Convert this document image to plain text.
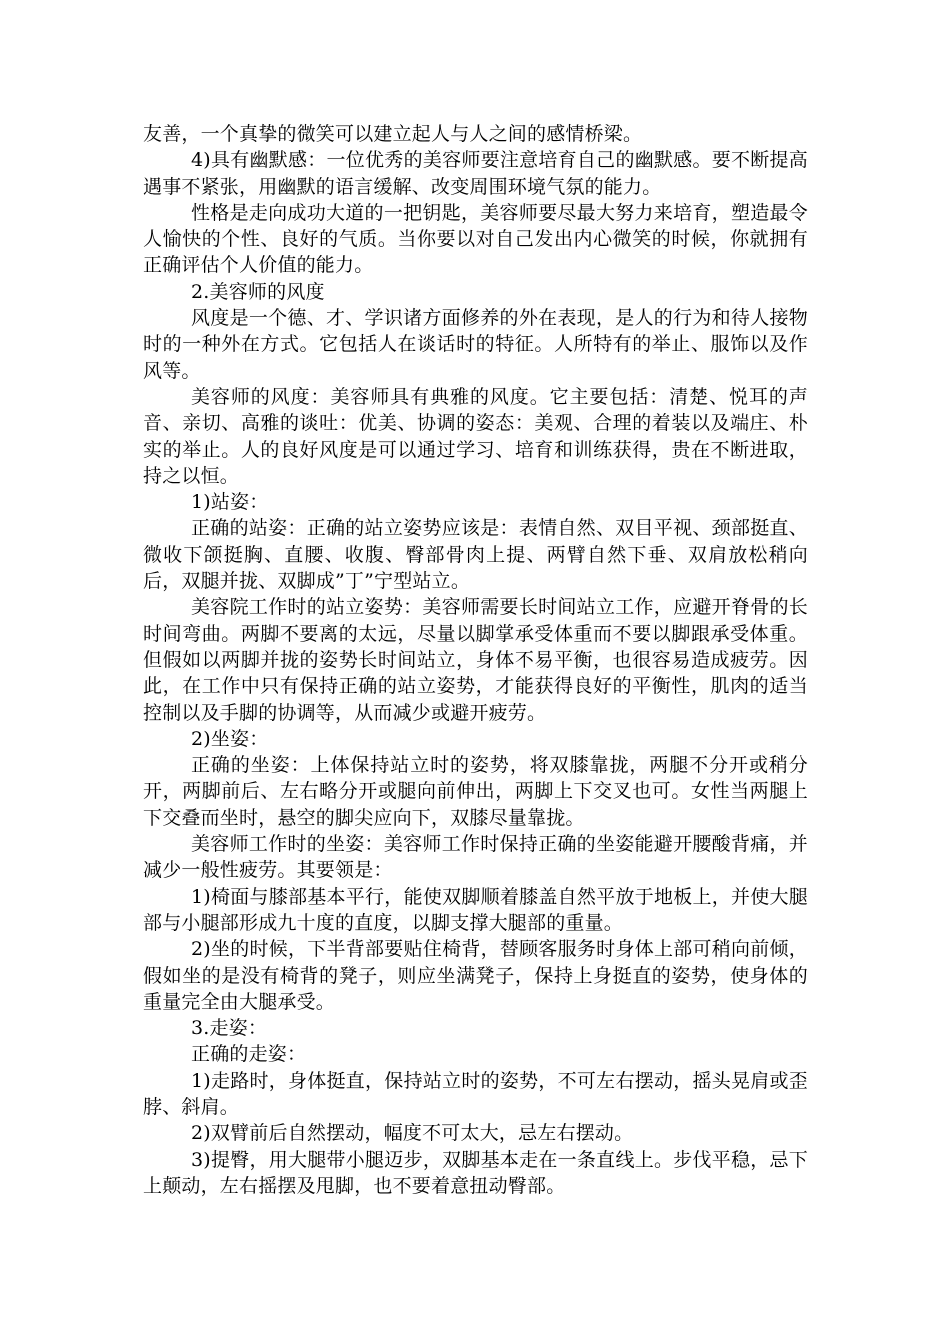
友善，一个真挚的微笑可以建立起人与人之间的感情桥梁。

4)具有幽默感：一位优秀的美容师要注意培育自己的幽默感。要不断提高遇事不紧张，用幽默的语言缓解、改变周围环境气氛的能力。

性格是走向成功大道的一把钥匙，美容师要尽最大努力来培育，塑造最令人愉快的个性、良好的气质。当你要以对自己发出内心微笑的时候，你就拥有正确评估个人价值的能力。

2.美容师的风度

风度是一个德、才、学识诸方面修养的外在表现，是人的行为和待人接物时的一种外在方式。它包括人在谈话时的特征。人所特有的举止、服饰以及作风等。

美容师的风度：美容师具有典雅的风度。它主要包括：清楚、悦耳的声音、亲切、高雅的谈吐：优美、协调的姿态：美观、合理的着装以及端庄、朴实的举止。人的良好风度是可以通过学习、培育和训练获得，贵在不断进取，持之以恒。

1)站姿：

正确的站姿：正确的站立姿势应该是：表情自然、双目平视、颈部挺直、微收下颌挺胸、直腰、收腹、臀部骨肉上提、两臂自然下垂、双肩放松稍向后，双腿并拢、双脚成”丁”宁型站立。

美容院工作时的站立姿势：美容师需要长时间站立工作，应避开脊骨的长时间弯曲。两脚不要离的太远，尽量以脚掌承受体重而不要以脚跟承受体重。但假如以两脚并拢的姿势长时间站立，身体不易平衡，也很容易造成疲劳。因此，在工作中只有保持正确的站立姿势，才能获得良好的平衡性，肌肉的适当控制以及手脚的协调等，从而减少或避开疲劳。

2)坐姿：

正确的坐姿：上体保持站立时的姿势，将双膝靠拢，两腿不分开或稍分开，两脚前后、左右略分开或腿向前伸出，两脚上下交叉也可。女性当两腿上下交叠而坐时，悬空的脚尖应向下，双膝尽量靠拢。

美容师工作时的坐姿：美容师工作时保持正确的坐姿能避开腰酸背痛，并减少一般性疲劳。其要领是：

1)椅面与膝部基本平行，能使双脚顺着膝盖自然平放于地板上，并使大腿部与小腿部形成九十度的直度，以脚支撑大腿部的重量。

2)坐的时候，下半背部要贴住椅背，替顾客服务时身体上部可稍向前倾，假如坐的是没有椅背的凳子，则应坐满凳子，保持上身挺直的姿势，使身体的重量完全由大腿承受。

3.走姿：

正确的走姿：

1)走路时，身体挺直，保持站立时的姿势，不可左右摆动，摇头晃肩或歪脖、斜肩。

2)双臂前后自然摆动，幅度不可太大，忌左右摆动。

3)提臀，用大腿带小腿迈步，双脚基本走在一条直线上。步伐平稳，忌下上颠动，左右摇摆及甩脚，也不要着意扭动臀部。
